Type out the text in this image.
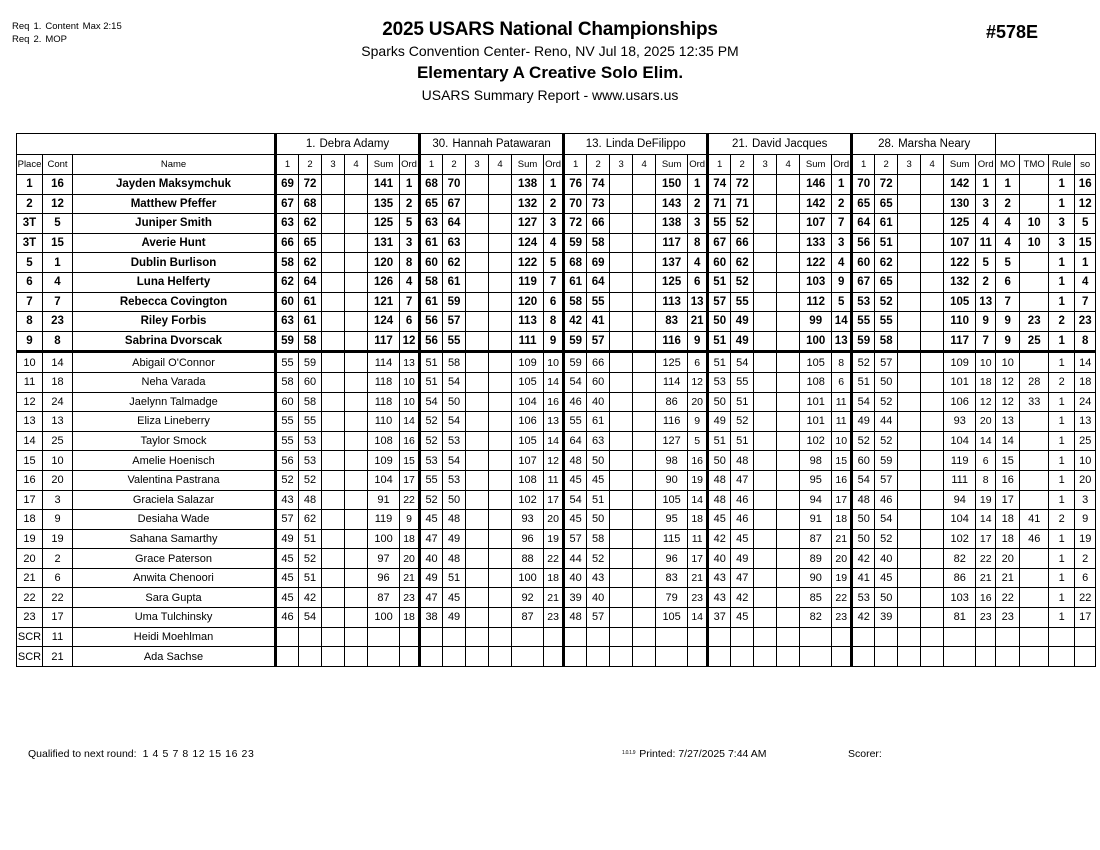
Req 1. Content Max 2:15
Req 2. MOP	2025 USARS National Championships
Sparks Convention Center- Reno, NV Jul 18, 2025 12:35 PM
Elementary A Creative Solo Elim.
USARS Summary Report - www.usars.us
#578E
			1. Debra Adamy						30. Hannah Patawaran						13. Linda DeFilippo						21. David Jacques						28. Marsha Neary									
Place	Cont	Name	1	2	3	4	Sum	Ord	1	2	3	4	Sum	Ord	1	2	3	4	Sum	Ord	1	2	3	4	Sum	Ord	1	2	3	4	Sum	Ord	MO	TMO	Rule	so
1	16	Jayden Maksymchuk	69	72			141	1	68	70			138	1	76	74			150	1	74	72			146	1	70	72			142	1	1		1	16
2	12	Matthew Pfeffer	67	68			135	2	65	67			132	2	70	73			143	2	71	71			142	2	65	65			130	3	2		1	12
3T	5	Juniper Smith	63	62			125	5	63	64			127	3	72	66			138	3	55	52			107	7	64	61			125	4	4	10	3	5
3T	15	Averie Hunt	66	65			131	3	61	63			124	4	59	58			117	8	67	66			133	3	56	51			107	11	4	10	3	15
5	1	Dublin Burlison	58	62			120	8	60	62			122	5	68	69			137	4	60	62			122	4	60	62			122	5	5		1	1
6	4	Luna Helferty	62	64			126	4	58	61			119	7	61	64			125	6	51	52			103	9	67	65			132	2	6		1	4
7	7	Rebecca Covington	60	61			121	7	61	59			120	6	58	55			113	13	57	55			112	5	53	52			105	13	7		1	7
8	23	Riley Forbis	63	61			124	6	56	57			113	8	42	41			83	21	50	49			99	14	55	55			110	9	9	23	2	23
9	8	Sabrina Dvorscak	59	58			117	12	56	55			111	9	59	57			116	9	51	49			100	13	59	58			117	7	9	25	1	8
10	14	Abigail O'Connor	55	59			114	13	51	58			109	10	59	66			125	6	51	54			105	8	52	57			109	10	10		1	14
11	18	Neha Varada	58	60			118	10	51	54			105	14	54	60			114	12	53	55			108	6	51	50			101	18	12	28	2	18
12	24	Jaelynn Talmadge	60	58			118	10	54	50			104	16	46	40			86	20	50	51			101	11	54	52			106	12	12	33	1	24
13	13	Eliza Lineberry	55	55			110	14	52	54			106	13	55	61			116	9	49	52			101	11	49	44			93	20	13		1	13
14	25	Taylor Smock	55	53			108	16	52	53			105	14	64	63			127	5	51	51			102	10	52	52			104	14	14		1	25
15	10	Amelie Hoenisch	56	53			109	15	53	54			107	12	48	50			98	16	50	48			98	15	60	59			119	6	15		1	10
16	20	Valentina Pastrana	52	52			104	17	55	53			108	11	45	45			90	19	48	47			95	16	54	57			111	8	16		1	20
17	3	Graciela Salazar	43	48			91	22	52	50			102	17	54	51			105	14	48	46			94	17	48	46			94	19	17		1	3
18	9	Desiaha Wade	57	62			119	9	45	48			93	20	45	50			95	18	45	46			91	18	50	54			104	14	18	41	2	9
19	19	Sahana Samarthy	49	51			100	18	47	49			96	19	57	58			115	11	42	45			87	21	50	52			102	17	18	46	1	19
20	2	Grace Paterson	45	52			97	20	40	48			88	22	44	52			96	17	40	49			89	20	42	40			82	22	20		1	2
21	6	Anwita Chenoori	45	51			96	21	49	51			100	18	40	43			83	21	43	47			90	19	41	45			86	21	21		1	6
22	22	Sara Gupta	45	42			87	23	47	45			92	21	39	40			79	23	43	42			85	22	53	50			103	16	22		1	22
23	17	Uma Tulchinsky	46	54			100	18	38	49			87	23	48	57			105	14	37	45			82	23	42	39			81	23	23		1	17
SCR	11	Heidi Moehlman																																		
SCR	21	Ada Sachse																																		
Qualified to next round: 1 4 5 7 8 12 15 16 23	$^{1.0.1.9}$ Printed: 7/27/2025 7:44 AM	Scorer:
